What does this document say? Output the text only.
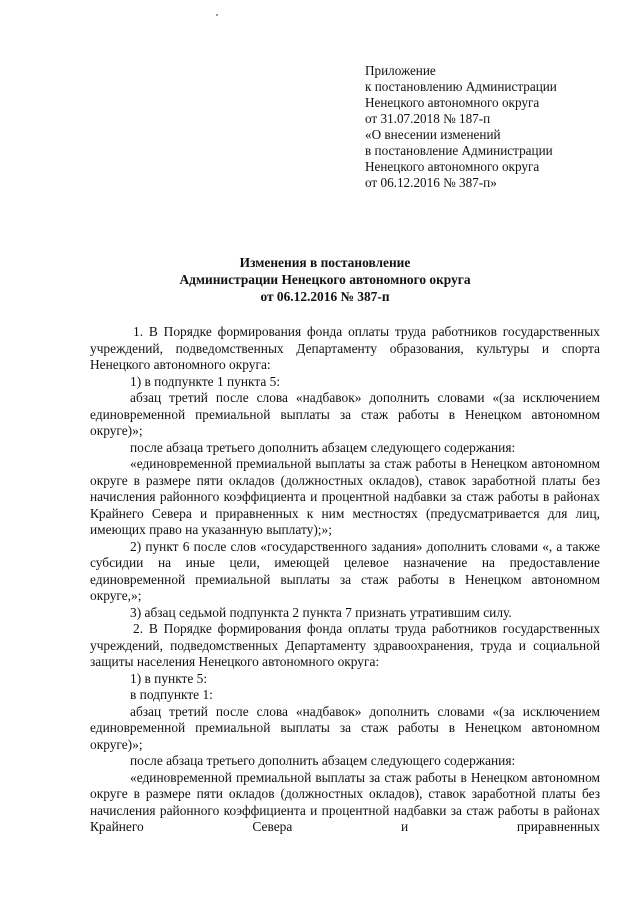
Приложение
к постановлению Администрации
Ненецкого автономного округа
от 31.07.2018 № 187-п
«О внесении изменений
в постановление Администрации
Ненецкого автономного округа
от 06.12.2016 № 387-п»
Изменения в постановление
Администрации Ненецкого автономного округа
от 06.12.2016 № 387-п

1. В Порядке формирования фонда оплаты труда работников государственных учреждений, подведомственных Департаменту образования, культуры и спорта Ненецкого автономного округа:

1) в подпункте 1 пункта 5:

абзац третий после слова «надбавок» дополнить словами «(за исключением единовременной премиальной выплаты за стаж работы в Ненецком автономном округе)»;

после абзаца третьего дополнить абзацем следующего содержания:

«единовременной премиальной выплаты за стаж работы в Ненецком автономном округе в размере пяти окладов (должностных окладов), ставок заработной платы без начисления районного коэффициента и процентной надбавки за стаж работы в районах Крайнего Севера и приравненных к ним местностях (предусматривается для лиц, имеющих право на указанную выплату);»;

2) пункт 6 после слов «государственного задания» дополнить словами «, а также субсидии на иные цели, имеющей целевое назначение на предоставление единовременной премиальной выплаты за стаж работы в Ненецком автономном округе,»;

3) абзац седьмой подпункта 2 пункта 7 признать утратившим силу.

2. В Порядке формирования фонда оплаты труда работников государственных учреждений, подведомственных Департаменту здравоохранения, труда и социальной защиты населения Ненецкого автономного округа:

1) в пункте 5:

в подпункте 1:

абзац третий после слова «надбавок» дополнить словами «(за исключением единовременной премиальной выплаты за стаж работы в Ненецком автономном округе)»;

после абзаца третьего дополнить абзацем следующего содержания:

«единовременной премиальной выплаты за стаж работы в Ненецком автономном округе в размере пяти окладов (должностных окладов), ставок заработной платы без начисления районного коэффициента и процентной надбавки за стаж работы в районах Крайнего Севера и приравненных
